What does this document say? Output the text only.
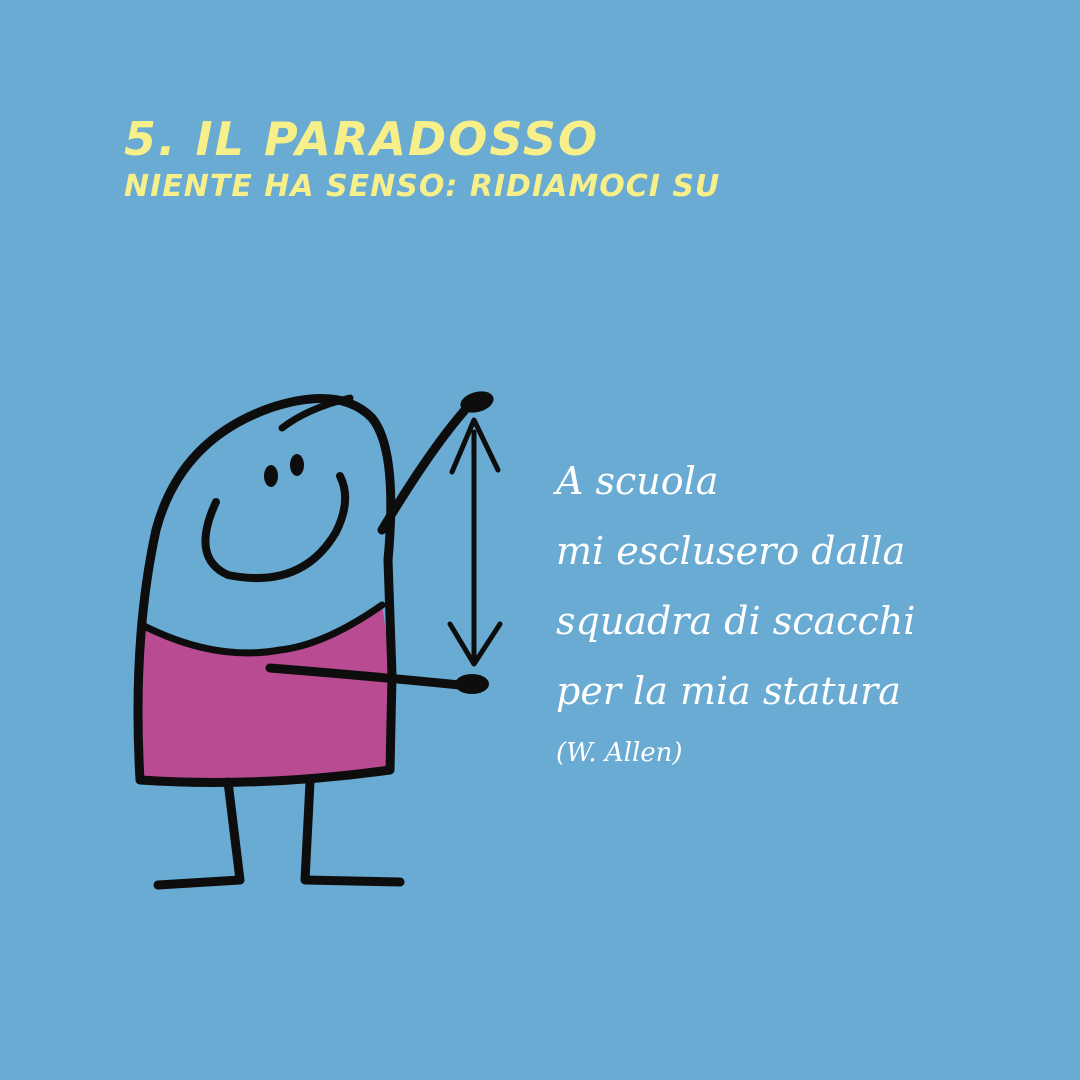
5. IL PARADOSSO
NIENTE HA SENSO: RIDIAMOCI SU
A scuola
mi esclusero dalla
squadra di scacchi
per la mia statura
(W. Allen)
